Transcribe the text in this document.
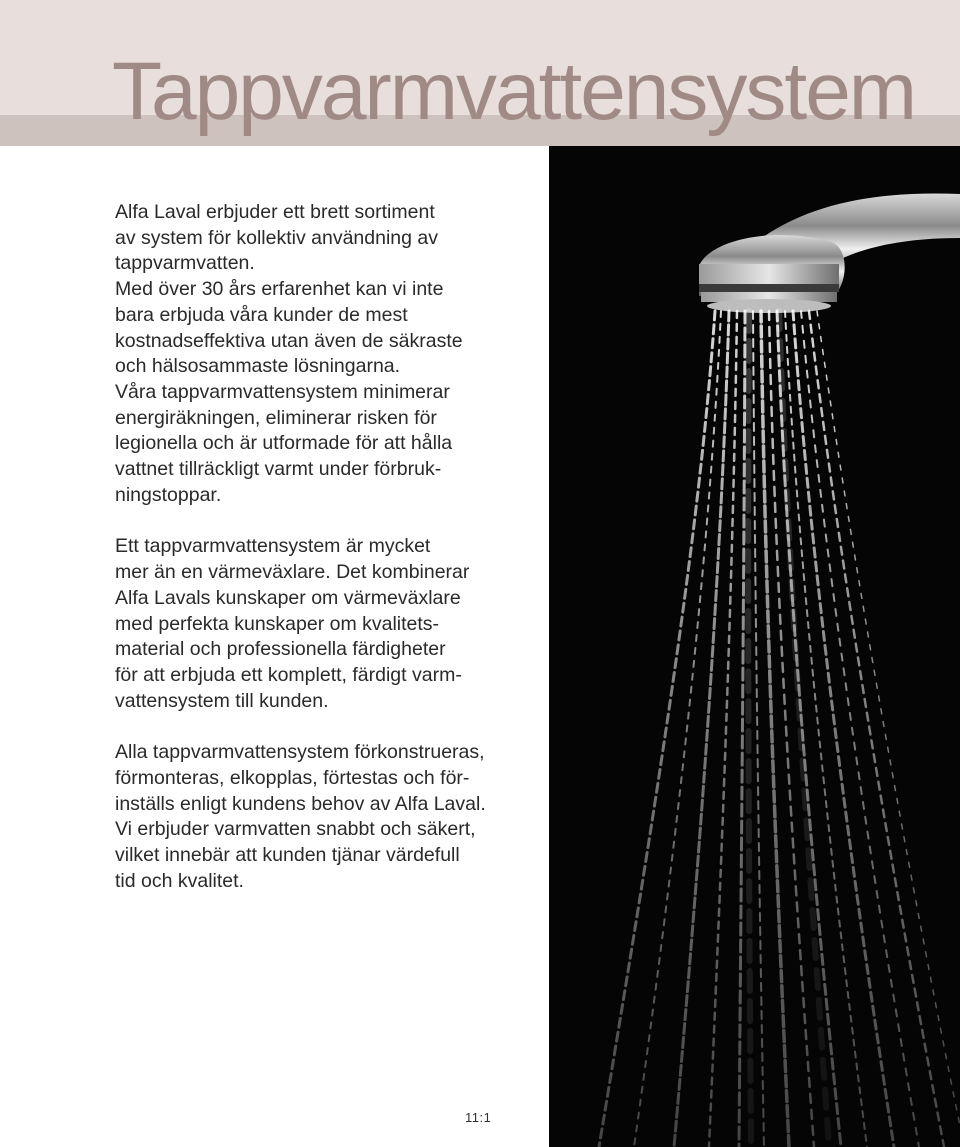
Tappvarmvattensystem

Alfa Laval erbjuder ett brett sortiment
av system för kollektiv användning av
tappvarmvatten.
Med över 30 års erfarenhet kan vi inte
bara erbjuda våra kunder de mest
kostnadseffektiva utan även de säkraste
och hälsosammaste lösningarna.
Våra tappvarmvattensystem minimerar
energiräkningen, eliminerar risken för
legionella och är utformade för att hålla
vattnet tillräckligt varmt under förbruk-
ningstoppar.

Ett tappvarmvattensystem är mycket
mer än en värmeväxlare. Det kombinerar
Alfa Lavals kunskaper om värmeväxlare
med perfekta kunskaper om kvalitets-
material och professionella färdigheter
för att erbjuda ett komplett, färdigt varm-
vattensystem till kunden.

Alla tappvarmvattensystem förkonstrueras,
förmonteras, elkopplas, förtestas och för-
inställs enligt kundens behov av Alfa Laval.
Vi erbjuder varmvatten snabbt och säkert,
vilket innebär att kunden tjänar värdefull
tid och kvalitet.

11:1
